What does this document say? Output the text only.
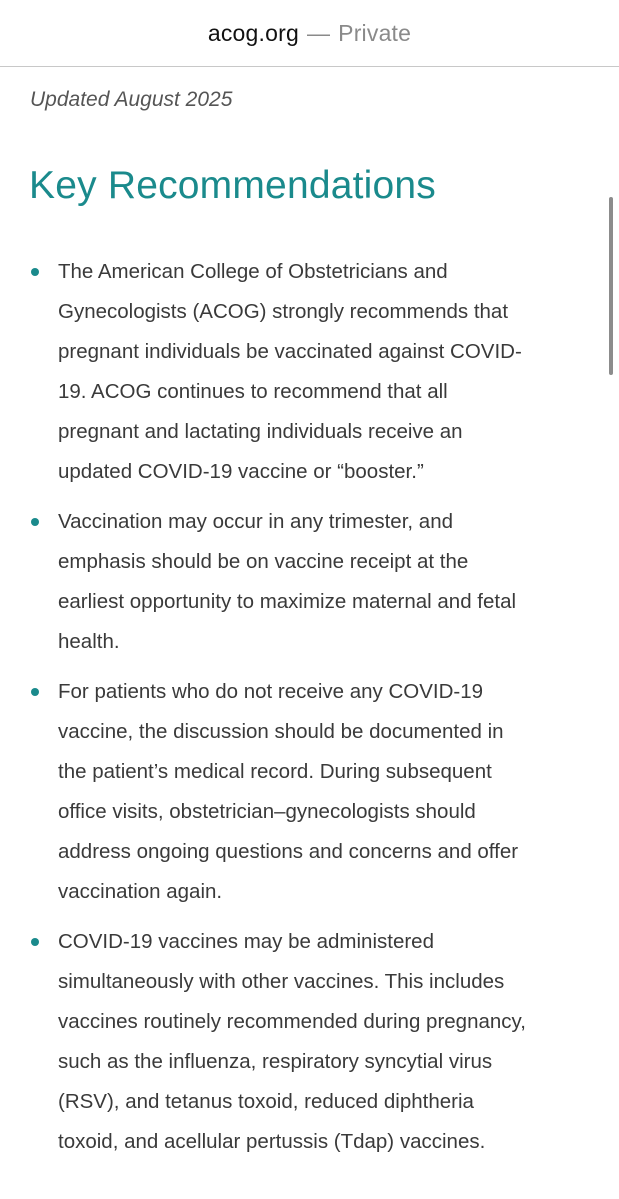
acog.org — Private
Updated August 2025
Key Recommendations
The American College of Obstetricians and
Gynecologists (ACOG) strongly recommends that
pregnant individuals be vaccinated against COVID-
19. ACOG continues to recommend that all
pregnant and lactating individuals receive an
updated COVID-19 vaccine or “booster.”
Vaccination may occur in any trimester, and
emphasis should be on vaccine receipt at the
earliest opportunity to maximize maternal and fetal
health.
For patients who do not receive any COVID-19
vaccine, the discussion should be documented in
the patient’s medical record. During subsequent
office visits, obstetrician–gynecologists should
address ongoing questions and concerns and offer
vaccination again.
COVID-19 vaccines may be administered
simultaneously with other vaccines. This includes
vaccines routinely recommended during pregnancy,
such as the influenza, respiratory syncytial virus
(RSV), and tetanus toxoid, reduced diphtheria
toxoid, and acellular pertussis (Tdap) vaccines.
